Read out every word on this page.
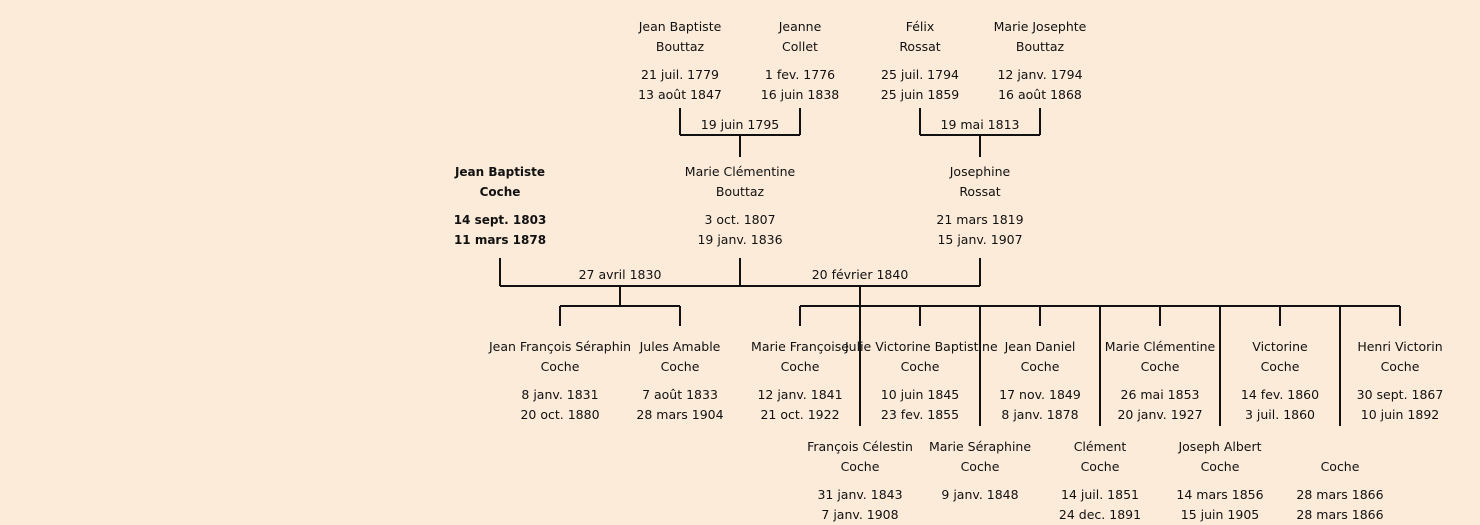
Jean Baptiste
Bouttaz
21 juil. 1779
13 août 1847
Jeanne
Collet
1 fev. 1776
16 juin 1838
Félix
Rossat
25 juil. 1794
25 juin 1859
Marie Josephte
Bouttaz
12 janv. 1794
16 août 1868
Jean Baptiste
Coche
14 sept. 1803
11 mars 1878
Marie Clémentine
Bouttaz
3 oct. 1807
19 janv. 1836
Josephine
Rossat
21 mars 1819
15 janv. 1907
Jean François Séraphin
Coche
8 janv. 1831
20 oct. 1880
Jules Amable
Coche
7 août 1833
28 mars 1904
Marie Françoise
Coche
12 janv. 1841
21 oct. 1922
Julie Victorine Baptistine
Coche
10 juin 1845
23 fev. 1855
Jean Daniel
Coche
17 nov. 1849
8 janv. 1878
Marie Clémentine
Coche
26 mai 1853
20 janv. 1927
Victorine
Coche
14 fev. 1860
3 juil. 1860
Henri Victorin
Coche
30 sept. 1867
10 juin 1892
François Célestin
Coche
31 janv. 1843
7 janv. 1908
Marie Séraphine
Coche
9 janv. 1848

Clément
Coche
14 juil. 1851
24 dec. 1891
Joseph Albert
Coche
14 mars 1856
15 juin 1905

Coche
28 mars 1866
28 mars 1866
19 juin 1795	19 mai 1813
27 avril 1830	20 février 1840
